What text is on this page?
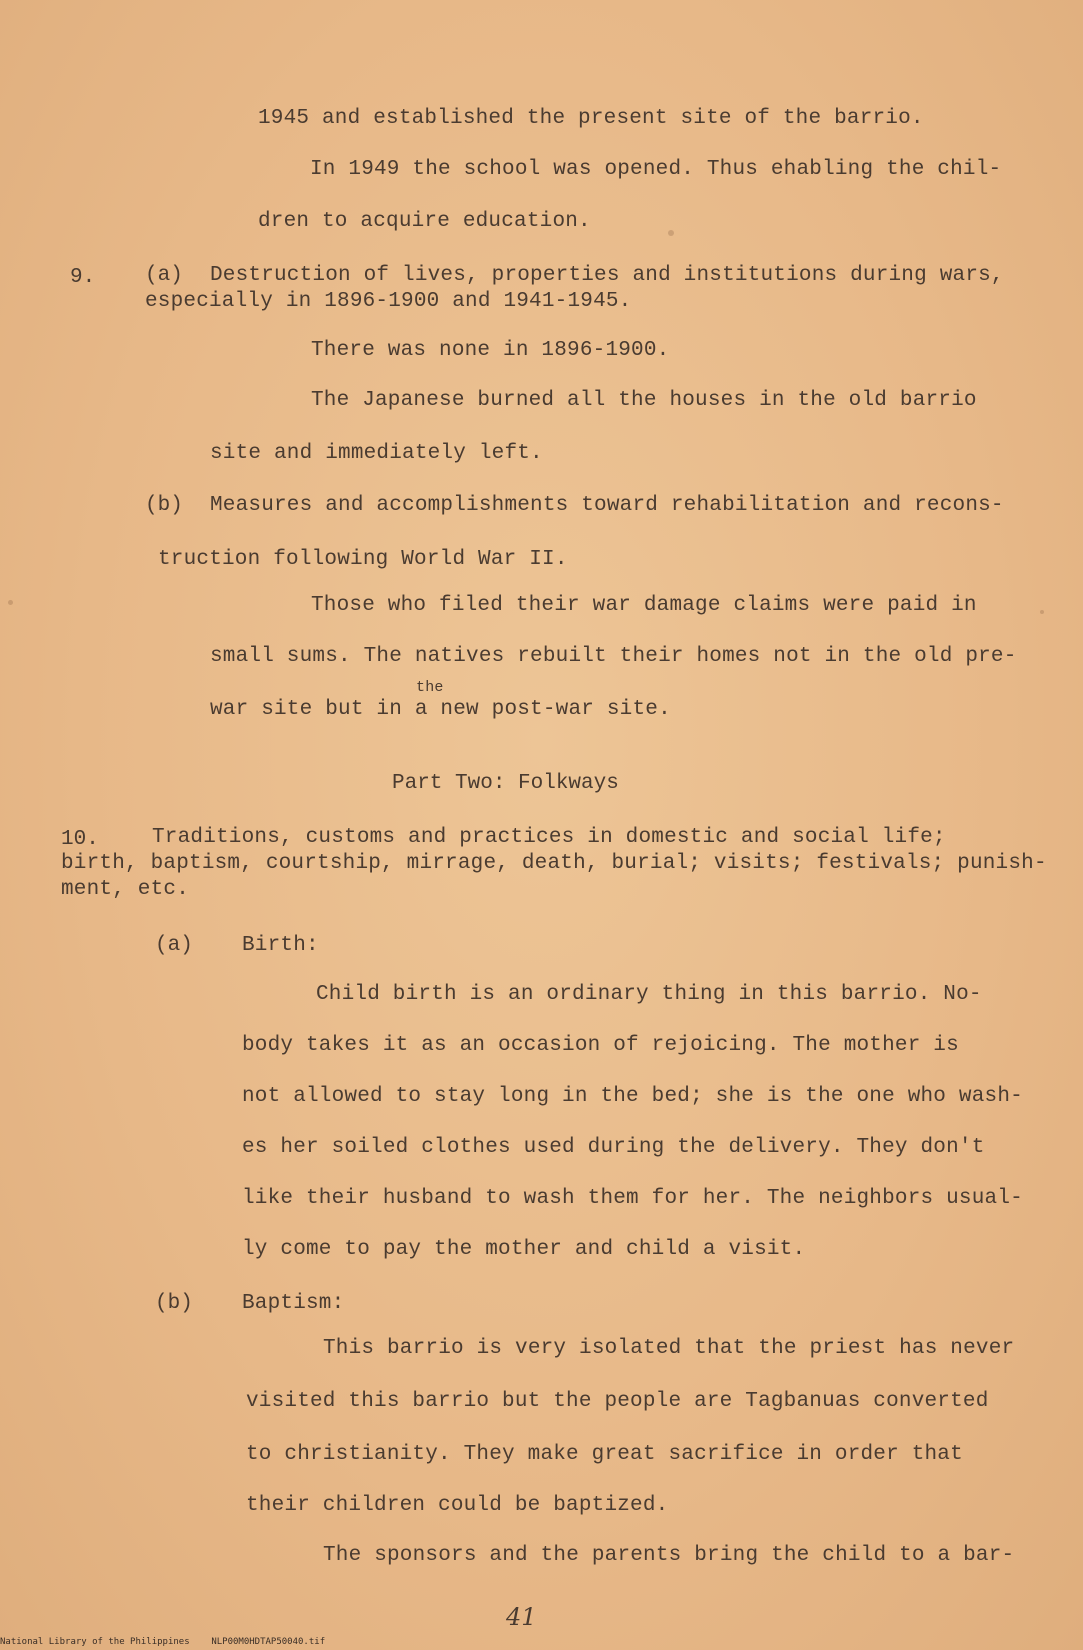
1945 and established the present site of the barrio.
In 1949 the school was opened. Thus ehabling the chil-
dren to acquire education.
9. (a) Destruction of lives, properties and institutions during wars,
especially in 1896-1900 and 1941-1945.
There was none in 1896-1900.
The Japanese burned all the houses in the old barrio
site and immediately left.
(b) Measures and accomplishments toward rehabilitation and recons-
truction following World War II.
Those who filed their war damage claims were paid in
small sums. The natives rebuilt their homes not in the old pre-
war site but in a new post-war site.
the
Part Two: Folkways
10.	Traditions, customs and practices in domestic and social life;
birth, baptism, courtship, mirrage, death, burial; visits; festivals; punish-
ment, etc.
(a) Birth:
Child birth is an ordinary thing in this barrio. No-
body takes it as an occasion of rejoicing. The mother is
not allowed to stay long in the bed; she is the one who wash-
es her soiled clothes used during the delivery. They don't
like their husband to wash them for her. The neighbors usual-
ly come to pay the mother and child a visit.
(b) Baptism:
This barrio is very isolated that the priest has never
visited this barrio but the people are Tagbanuas converted
to christianity. They make great sacrifice in order that
their children could be baptized.
The sponsors and the parents bring the child to a bar-
41
National Library of the Philippines    NLP00M0HDTAP50040.tif
